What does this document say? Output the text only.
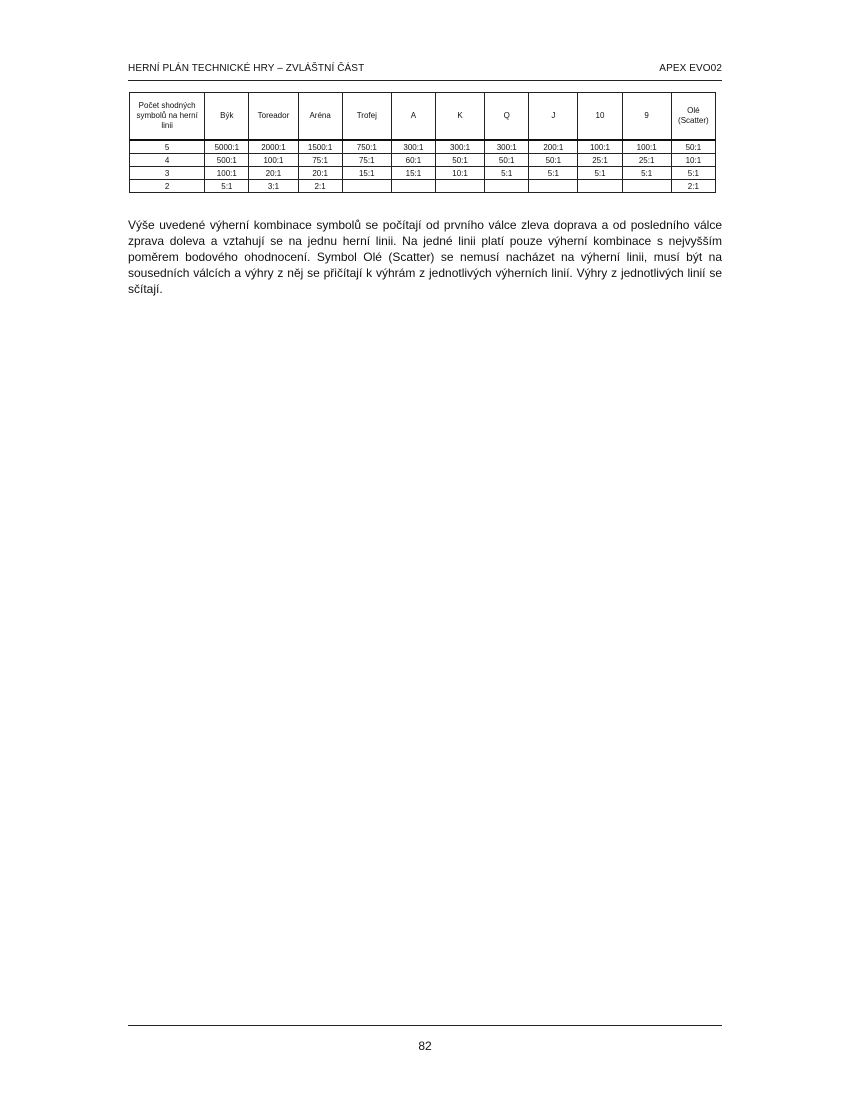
HERNÍ PLÁN TECHNICKÉ HRY – ZVLÁŠTNÍ ČÁST	APEX EVO02
Počet shodných symbolů na herní linii	Býk	Toreador	Aréna	Trofej	A	K	Q	J	10	9	Olé (Scatter)
5	5000:1	2000:1	1500:1	750:1	300:1	300:1	300:1	200:1	100:1	100:1	50:1
4	500:1	100:1	75:1	75:1	60:1	50:1	50:1	50:1	25:1	25:1	10:1
3	100:1	20:1	20:1	15:1	15:1	10:1	5:1	5:1	5:1	5:1	5:1
2	5:1	3:1	2:1								2:1

Výše uvedené výherní kombinace symbolů se počítají od prvního válce zleva doprava a od posledního válce zprava doleva a vztahují se na jednu herní linii. Na jedné linii platí pouze výherní kombinace s nejvyšším poměrem bodového ohodnocení. Symbol Olé (Scatter) se nemusí nacházet na výherní linii, musí být na sousedních válcích a výhry z něj se přičítají k výhrám z jednotlivých výherních linií. Výhry z jednotlivých linií se sčítají.

82
